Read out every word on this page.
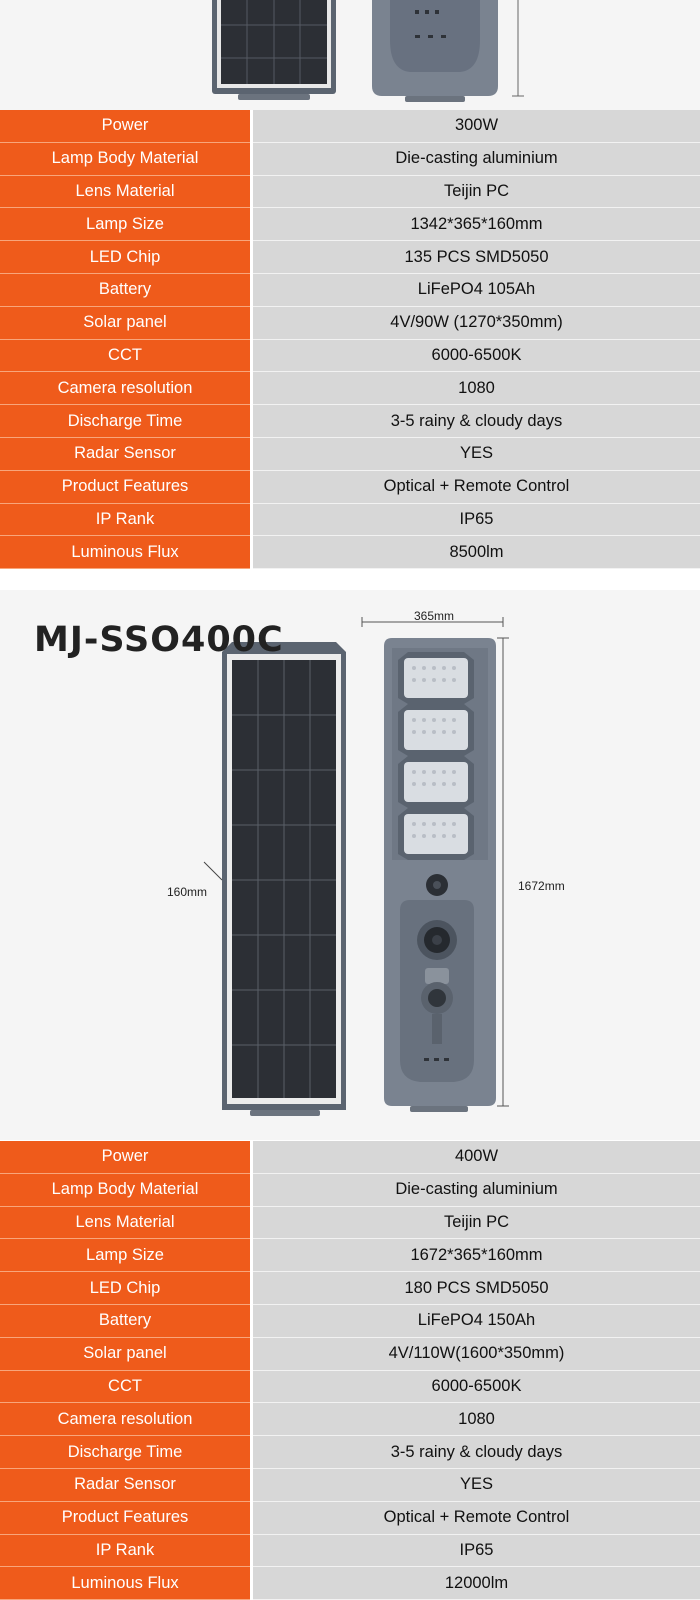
Power	300W
Lamp Body Material	Die-casting aluminium
Lens Material	Teijin PC
Lamp Size	1342*365*160mm
LED Chip	135 PCS SMD5050
Battery	LiFePO4 105Ah
Solar panel	4V/90W (1270*350mm)
CCT	6000-6500K
Camera resolution	1080
Discharge Time	3-5 rainy & cloudy days
Radar Sensor	YES
Product Features	Optical + Remote Control
IP Rank	IP65
Luminous Flux	8500lm
MJ-SSO400C
365mm
1672mm
160mm
Power	400W
Lamp Body Material	Die-casting aluminium
Lens Material	Teijin PC
Lamp Size	1672*365*160mm
LED Chip	180 PCS SMD5050
Battery	LiFePO4 150Ah
Solar panel	4V/110W(1600*350mm)
CCT	6000-6500K
Camera resolution	1080
Discharge Time	3-5 rainy & cloudy days
Radar Sensor	YES
Product Features	Optical + Remote Control
IP Rank	IP65
Luminous Flux	12000lm
